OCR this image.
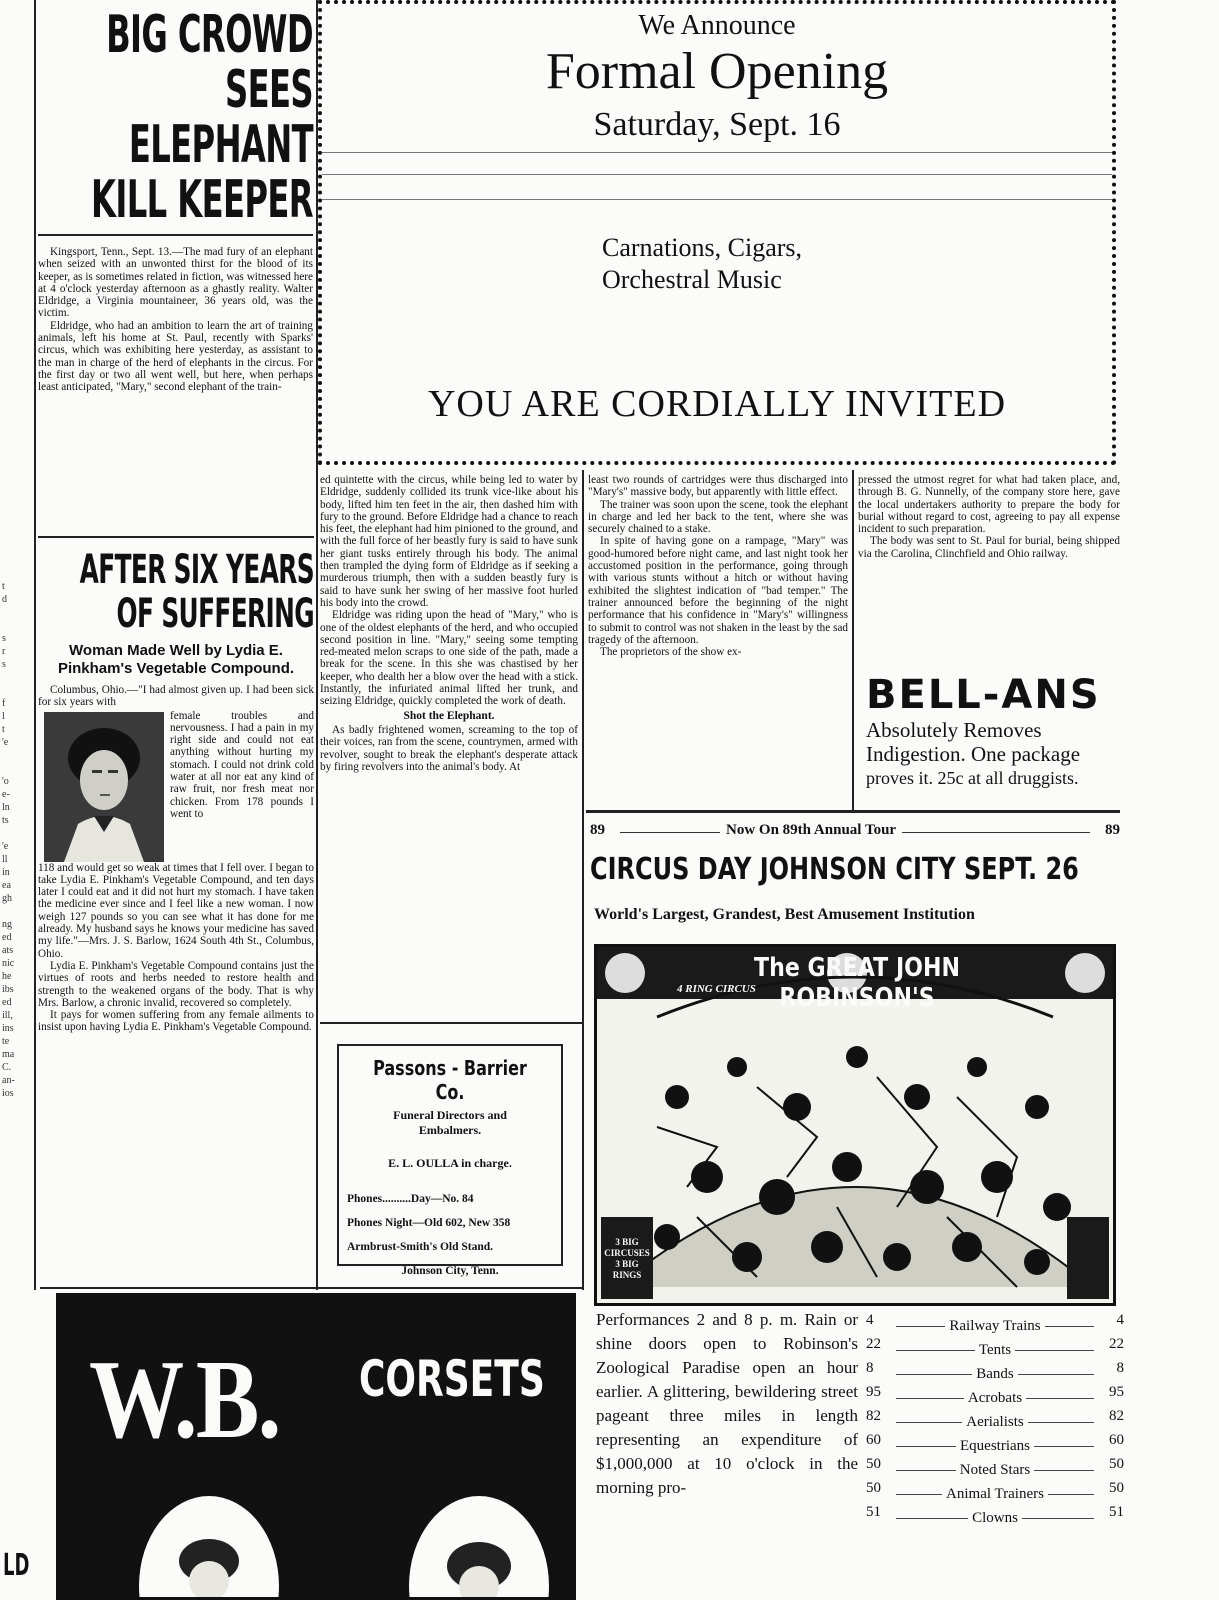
t
d
s
r
s
f
l
t
'e
'o
e-
ln
ts
'e
ll
in
ea
gh
ng
ed
ats
nic
he
ibs
ed
ill,
ins
te
ma
C.
an-
ios
BIG CROWD
SEES ELEPHANT
KILL KEEPER

Kingsport, Tenn., Sept. 13.—The mad fury of an elephant when seized with an unwonted thirst for the blood of its keeper, as is sometimes related in fiction, was witnessed here at 4 o'clock yesterday afternoon as a ghastly reality. Walter Eldridge, a Virginia mountaineer, 36 years old, was the victim.

Eldridge, who had an ambition to learn the art of training animals, left his home at St. Paul, recently with Sparks' circus, which was exhibiting here yesterday, as assistant to the man in charge of the herd of elephants in the circus. For the first day or two all went well, but here, when perhaps least anticipated, "Mary," second elephant of the train-

We Announce
Formal Opening
Saturday, Sept. 16
Carnations, Cigars,
Orchestral Music
YOU ARE CORDIALLY INVITED
AFTER SIX YEARS
OF SUFFERING
Woman Made Well by Lydia E. Pinkham's Vegetable Compound.

Columbus, Ohio.—"I had almost given up. I had been sick for six years with

female troubles and nervousness. I had a pain in my right side and could not eat anything without hurting my stomach. I could not drink cold water at all nor eat any kind of raw fruit, nor fresh meat nor chicken. From 178 pounds I went to

118 and would get so weak at times that I fell over. I began to take Lydia E. Pinkham's Vegetable Compound, and ten days later I could eat and it did not hurt my stomach. I have taken the medicine ever since and I feel like a new woman. I now weigh 127 pounds so you can see what it has done for me already. My husband says he knows your medicine has saved my life."—Mrs. J. S. Barlow, 1624 South 4th St., Columbus, Ohio.

Lydia E. Pinkham's Vegetable Compound contains just the virtues of roots and herbs needed to restore health and strength to the weakened organs of the body. That is why Mrs. Barlow, a chronic invalid, recovered so completely.

It pays for women suffering from any female ailments to insist upon having Lydia E. Pinkham's Vegetable Compound.

ed quintette with the circus, while being led to water by Eldridge, suddenly collided its trunk vice-like about his body, lifted him ten feet in the air, then dashed him with fury to the ground. Before Eldridge had a chance to reach his feet, the elephant had him pinioned to the ground, and with the full force of her beastly fury is said to have sunk her giant tusks entirely through his body. The animal then trampled the dying form of Eldridge as if seeking a murderous triumph, then with a sudden beastly fury is said to have sunk her swing of her massive foot hurled his body into the crowd.

Eldridge was riding upon the head of "Mary," who is one of the oldest elephants of the herd, and who occupied second position in line. "Mary," seeing some tempting red-meated melon scraps to one side of the path, made a break for the scene. In this she was chastised by her keeper, who dealth her a blow over the head with a stick. Instantly, the infuriated animal lifted her trunk, and seizing Eldridge, quickly completed the work of death.

Shot the Elephant.

As badly frightened women, screaming to the top of their voices, ran from the scene, countrymen, armed with revolver, sought to break the elephant's desperate attack by firing revolvers into the animal's body. At

least two rounds of cartridges were thus discharged into "Mary's" massive body, but apparently with little effect.

The trainer was soon upon the scene, took the elephant in charge and led her back to the tent, where she was securely chained to a stake.

In spite of having gone on a rampage, "Mary" was good-humored before night came, and last night took her accustomed position in the performance, going through with various stunts without a hitch or without having exhibited the slightest indication of "bad temper." The trainer announced before the beginning of the night performance that his confidence in "Mary's" willingness to submit to control was not shaken in the least by the sad tragedy of the afternoon.

The proprietors of the show ex-

pressed the utmost regret for what had taken place, and, through B. G. Nunnelly, of the company store here, gave the local undertakers authority to prepare the body for burial without regard to cost, agreeing to pay all expense incident to such preparation.

The body was sent to St. Paul for burial, being shipped via the Carolina, Clinchfield and Ohio railway.

BELL-ANS
Absolutely Removes
Indigestion. One package
proves it. 25c at all druggists.
Passons - Barrier Co.
Funeral Directors and
Embalmers.
E. L. OULLA in charge.
Phones..........Day—No. 84
Phones Night—Old 602, New 358
Armbrust-Smith's Old Stand.
Johnson City, Tenn.
89	Now On 89th Annual Tour	89
CIRCUS DAY JOHNSON CITY SEPT. 26
World's Largest, Grandest, Best Amusement Institution
The GREAT JOHN ROBINSON'S
4 RING CIRCUS
3 BIG CIRCUSES 3 BIG RINGS
Performances 2 and 8 p. m. Rain or shine doors open to Robinson's Zoological Paradise open an hour earlier. A glittering, bewildering street pageant three miles in length representing an expenditure of $1,000,000 at 10 o'clock in the morning pro-
4	Railway Trains	4
22	Tents	22
8	Bands	8
95	Acrobats	95
82	Aerialists	82
60	Equestrians	60
50	Noted Stars	50
50	Animal Trainers	50
51	Clowns	51
W.B. CORSETS
LD
